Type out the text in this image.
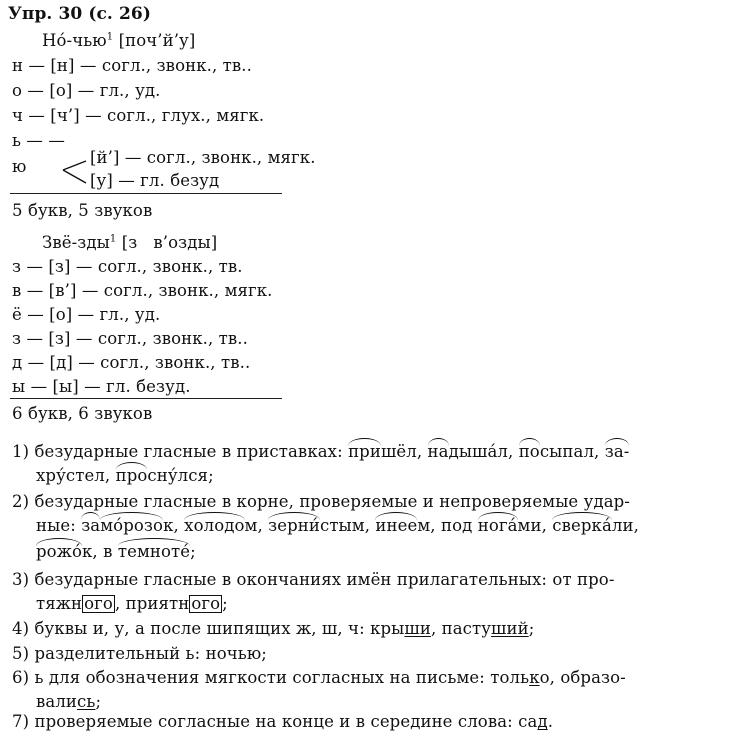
Упр. 30 (с. 26)
Но́-чью$^1$ [поч’й’у]
н — [н] — согл., звонк., тв..
о — [о] — гл., уд.
ч — [ч’] — согл., глух., мягк.
ь — —
ю	[й’] — согл., звонк., мягк.
[у] — гл. безуд
5 букв, 5 звуков
Звё-зды$^1$ [з   в’озды]
з — [з] — согл., звонк., тв.
в — [в’] — согл., звонк., мягк.
ё — [о] — гл., уд.
з — [з] — согл., звонк., тв..
д — [д] — согл., звонк., тв..
ы — [ы] — гл. безуд.
6 букв, 6 звуков
1) безударные гласные в приставках: пришёл, надыша́л, посыпал, за-
хру́стел, просну́лся;
2) безударные гласные в корне, проверяемые и непроверяемые удар-
ные: замо́розок, холодом, зерни́стым, инеем, под нога́ми, сверка́ли,
рожо́к, в темноте́;
3) безударные гласные в окончаниях имён прилагательных: от про-
тяжн ого , приятн ого ;
4) буквы и, у, а после шипящих ж, ш, ч: крыши, пастуший;
5) разделительный ь: ночью;
6) ь для обозначения мягкости согласных на письме: только, образо-
вались;
7) проверяемые согласные на конце и в середине слова: сад.
